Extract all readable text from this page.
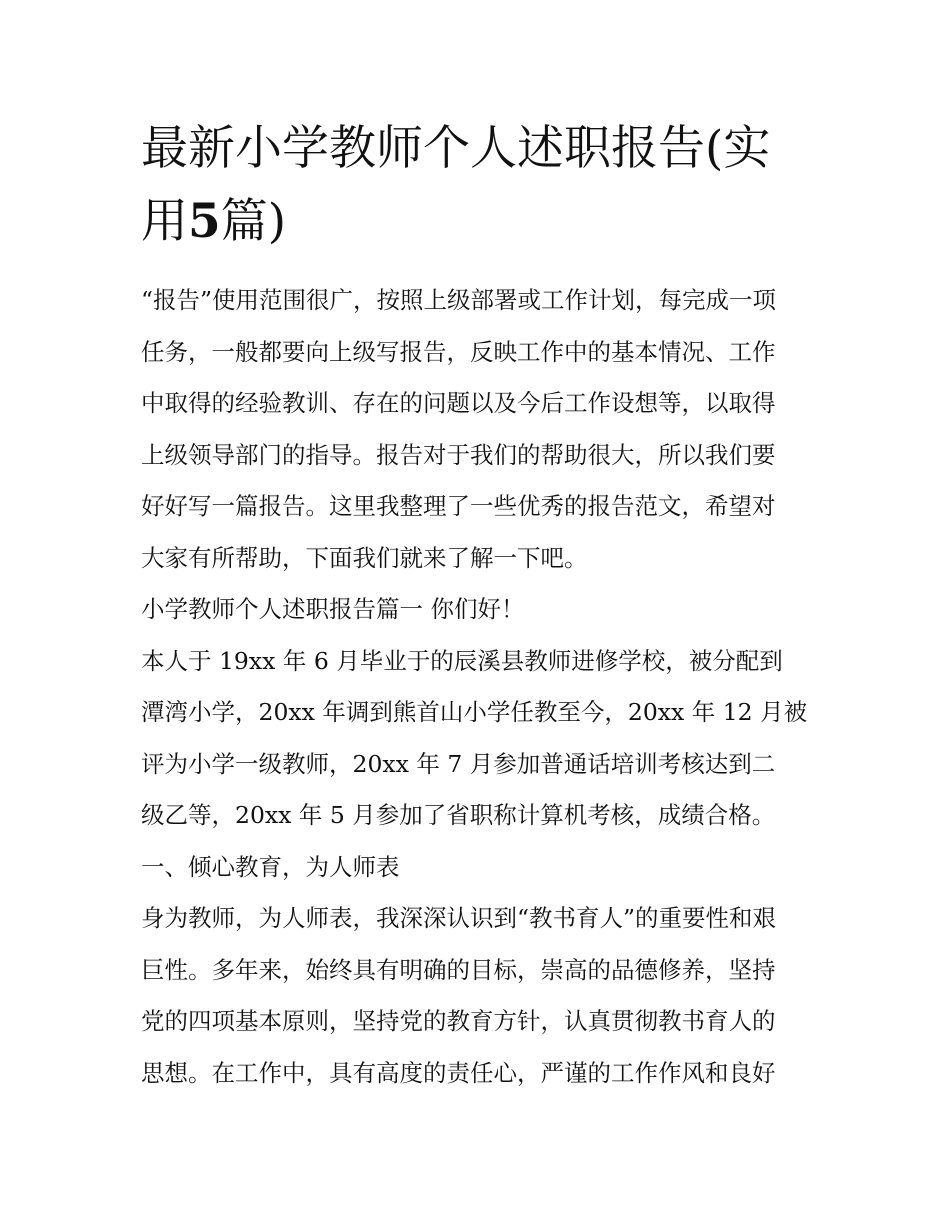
最新小学教师个人述职报告(实
用5篇)
“报告”使用范围很广，按照上级部署或工作计划，每完成一项
任务，一般都要向上级写报告，反映工作中的基本情况、工作
中取得的经验教训、存在的问题以及今后工作设想等，以取得
上级领导部门的指导。报告对于我们的帮助很大，所以我们要
好好写一篇报告。这里我整理了一些优秀的报告范文，希望对
大家有所帮助，下面我们就来了解一下吧。
小学教师个人述职报告篇一 你们好！
本人于 19xx 年 6 月毕业于的辰溪县教师进修学校，被分配到
潭湾小学，20xx 年调到熊首山小学任教至今，20xx 年 12 月被
评为小学一级教师，20xx 年 7 月参加普通话培训考核达到二
级乙等，20xx 年 5 月参加了省职称计算机考核，成绩合格。
一、倾心教育，为人师表
身为教师，为人师表，我深深认识到“教书育人”的重要性和艰
巨性。多年来，始终具有明确的目标，崇高的品德修养，坚持
党的四项基本原则，坚持党的教育方针，认真贯彻教书育人的
思想。在工作中，具有高度的责任心，严谨的工作作风和良好
